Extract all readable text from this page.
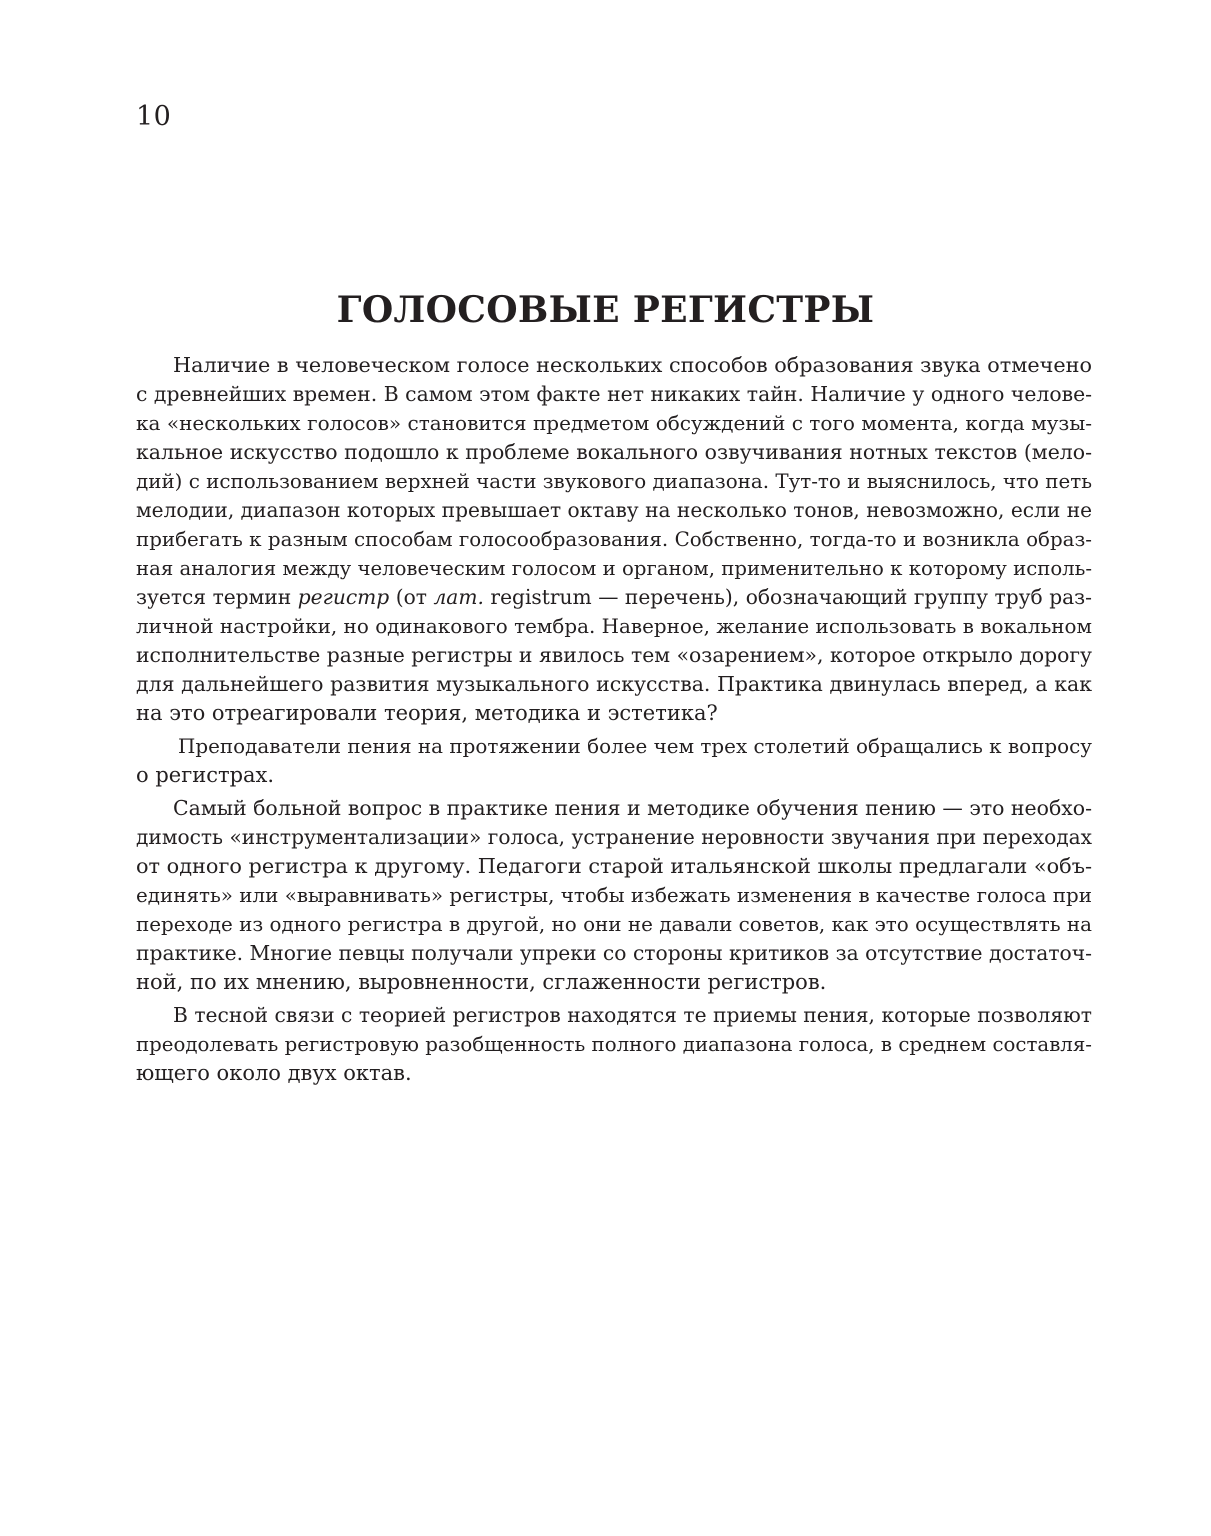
10
ГОЛОСОВЫЕ РЕГИСТРЫ
Наличие в человеческом голосе нескольких способов образования звука отмечено
с древнейших времен. В самом этом факте нет никаких тайн. Наличие у одного челове-
ка «нескольких голосов» становится предметом обсуждений с того момента, когда музы-
кальное искусство подошло к проблеме вокального озвучивания нотных текстов (мело-
дий) с использованием верхней части звукового диапазона. Тут-то и выяснилось, что петь
мелодии, диапазон которых превышает октаву на несколько тонов, невозможно, если не
прибегать к разным способам голосообразования. Собственно, тогда-то и возникла образ-
ная аналогия между человеческим голосом и органом, применительно к которому исполь-
зуется термин регистр (от лат. registrum — перечень), обозначающий группу труб раз-
личной настройки, но одинакового тембра. Наверное, желание использовать в вокальном
исполнительстве разные регистры и явилось тем «озарением», которое открыло дорогу
для дальнейшего развития музыкального искусства. Практика двинулась вперед, а как
на это отреагировали теория, методика и эстетика?
Преподаватели пения на протяжении более чем трех столетий обращались к вопросу
о регистрах.
Самый больной вопрос в практике пения и методике обучения пению — это необхо-
димость «инструментализации» голоса, устранение неровности звучания при переходах
от одного регистра к другому. Педагоги старой итальянской школы предлагали «объ-
единять» или «выравнивать» регистры, чтобы избежать изменения в качестве голоса при
переходе из одного регистра в другой, но они не давали советов, как это осуществлять на
практике. Многие певцы получали упреки со стороны критиков за отсутствие достаточ-
ной, по их мнению, выровненности, сглаженности регистров.
В тесной связи с теорией регистров находятся те приемы пения, которые позволяют
преодолевать регистровую разобщенность полного диапазона голоса, в среднем составля-
ющего около двух октав.
